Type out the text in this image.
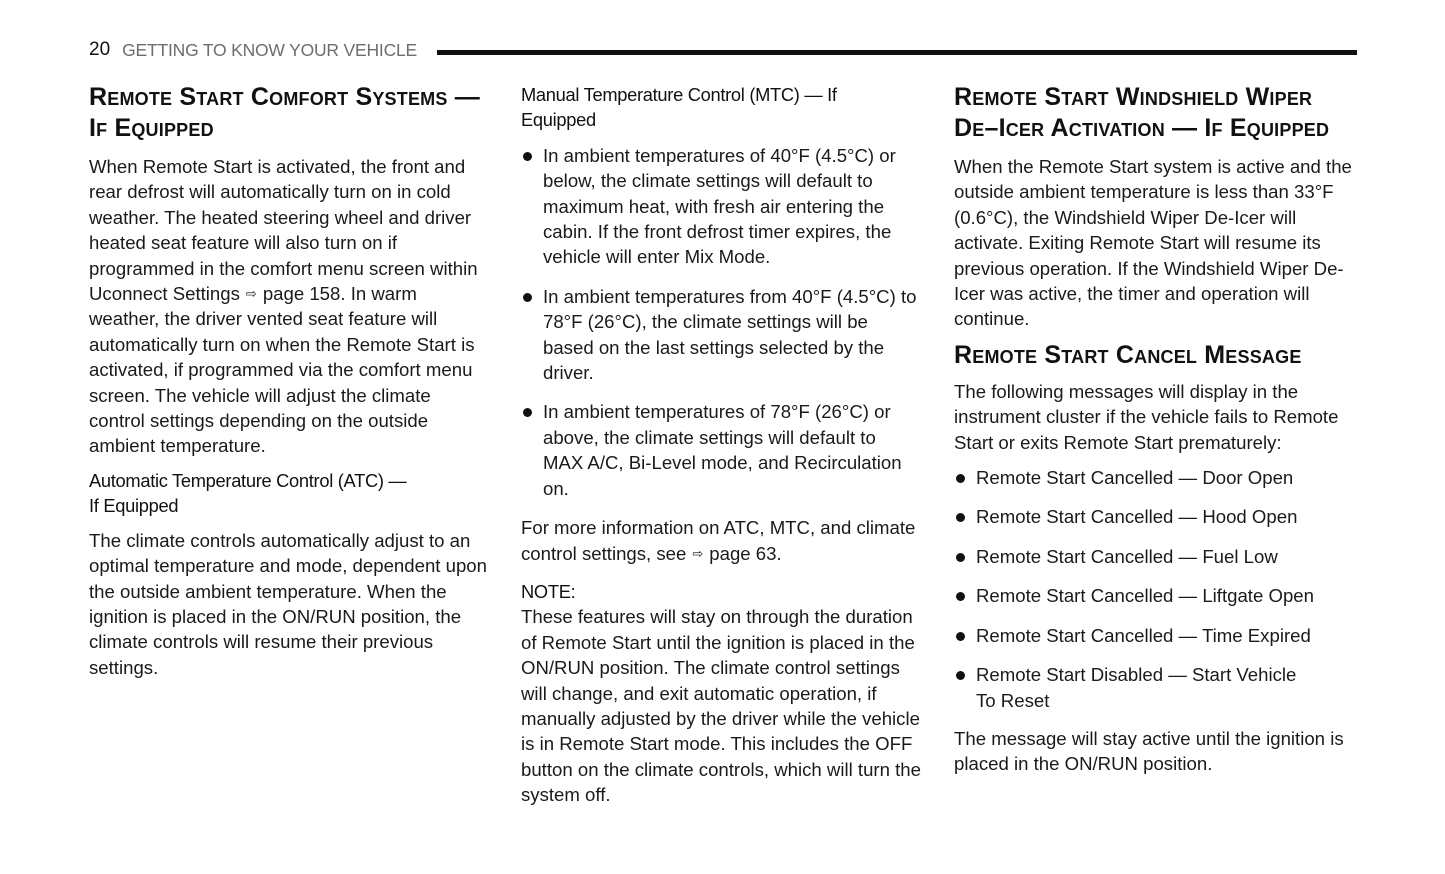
20 GETTING TO KNOW YOUR VEHICLE
Remote Start Comfort Systems —
If Equipped

When Remote Start is activated, the front and rear defrost will automatically turn on in cold weather. The heated steering wheel and driver heated seat feature will also turn on if programmed in the comfort menu screen within Uconnect Settings ⇨ page 158. In warm weather, the driver vented seat feature will automatically turn on when the Remote Start is activated, if programmed via the comfort menu screen. The vehicle will adjust the climate control settings depending on the outside ambient temperature.

Automatic Temperature Control (ATC) —
If Equipped

The climate controls automatically adjust to an optimal temperature and mode, dependent upon the outside ambient temperature. When the ignition is placed in the ON/RUN position, the climate controls will resume their previous settings.

Manual Temperature Control (MTC) — If Equipped
In ambient temperatures of 40°F (4.5°C) or below, the climate settings will default to maximum heat, with fresh air entering the cabin. If the front defrost timer expires, the vehicle will enter Mix Mode.
In ambient temperatures from 40°F (4.5°C) to 78°F (26°C), the climate settings will be based on the last settings selected by the driver.
In ambient temperatures of 78°F (26°C) or above, the climate settings will default to MAX A/C, Bi-Level mode, and Recirculation on.

For more information on ATC, MTC, and climate control settings, see ⇨ page 63.

NOTE:

These features will stay on through the duration of Remote Start until the ignition is placed in the ON/RUN position. The climate control settings will change, and exit automatic operation, if manually adjusted by the driver while the vehicle is in Remote Start mode. This includes the OFF button on the climate controls, which will turn the system off.

Remote Start Windshield Wiper
De–Icer Activation — If Equipped

When the Remote Start system is active and the outside ambient temperature is less than 33°F (0.6°C), the Windshield Wiper De-Icer will activate. Exiting Remote Start will resume its previous operation. If the Windshield Wiper De-Icer was active, the timer and operation will continue.

Remote Start Cancel Message

The following messages will display in the instrument cluster if the vehicle fails to Remote Start or exits Remote Start prematurely:

Remote Start Cancelled — Door Open
Remote Start Cancelled — Hood Open
Remote Start Cancelled — Fuel Low
Remote Start Cancelled — Liftgate Open
Remote Start Cancelled — Time Expired
Remote Start Disabled — Start Vehicle To Reset

The message will stay active until the ignition is placed in the ON/RUN position.
